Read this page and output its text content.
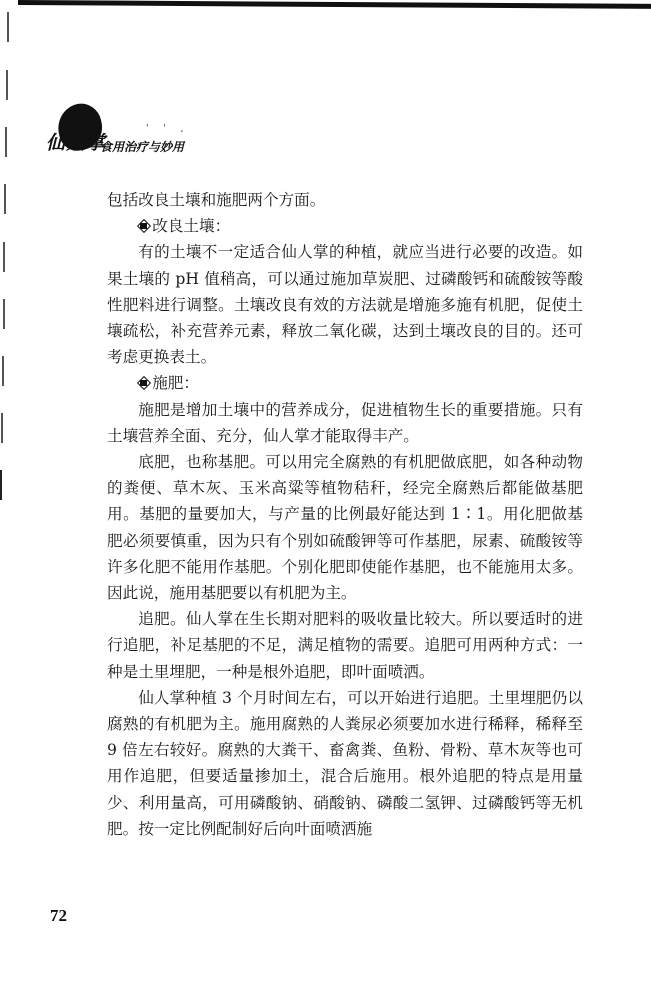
' ' ,
仙人掌
食用治疗与妙用

包括改良土壤和施肥两个方面。

改良土壤：

有的土壤不一定适合仙人掌的种植，就应当进行必要的改造。如果土壤的 pH 值稍高，可以通过施加草炭肥、过磷酸钙和硫酸铵等酸性肥料进行调整。土壤改良有效的方法就是增施多施有机肥，促使土壤疏松，补充营养元素，释放二氧化碳，达到土壤改良的目的。还可考虑更换表土。

施肥：

施肥是增加土壤中的营养成分，促进植物生长的重要措施。只有土壤营养全面、充分，仙人掌才能取得丰产。

底肥，也称基肥。可以用完全腐熟的有机肥做底肥，如各种动物的粪便、草木灰、玉米高粱等植物秸秆，经完全腐熟后都能做基肥用。基肥的量要加大，与产量的比例最好能达到 1∶1。用化肥做基肥必须要慎重，因为只有个别如硫酸钾等可作基肥，尿素、硫酸铵等许多化肥不能用作基肥。个别化肥即使能作基肥，也不能施用太多。因此说，施用基肥要以有机肥为主。

追肥。仙人掌在生长期对肥料的吸收量比较大。所以要适时的进行追肥，补足基肥的不足，满足植物的需要。追肥可用两种方式：一种是土里埋肥，一种是根外追肥，即叶面喷洒。

仙人掌种植 3 个月时间左右，可以开始进行追肥。土里埋肥仍以腐熟的有机肥为主。施用腐熟的人粪尿必须要加水进行稀释，稀释至 9 倍左右较好。腐熟的大粪干、畜禽粪、鱼粉、骨粉、草木灰等也可用作追肥，但要适量掺加土，混合后施用。根外追肥的特点是用量少、利用量高，可用磷酸钠、硝酸钠、磷酸二氢钾、过磷酸钙等无机肥。按一定比例配制好后向叶面喷洒施

72
